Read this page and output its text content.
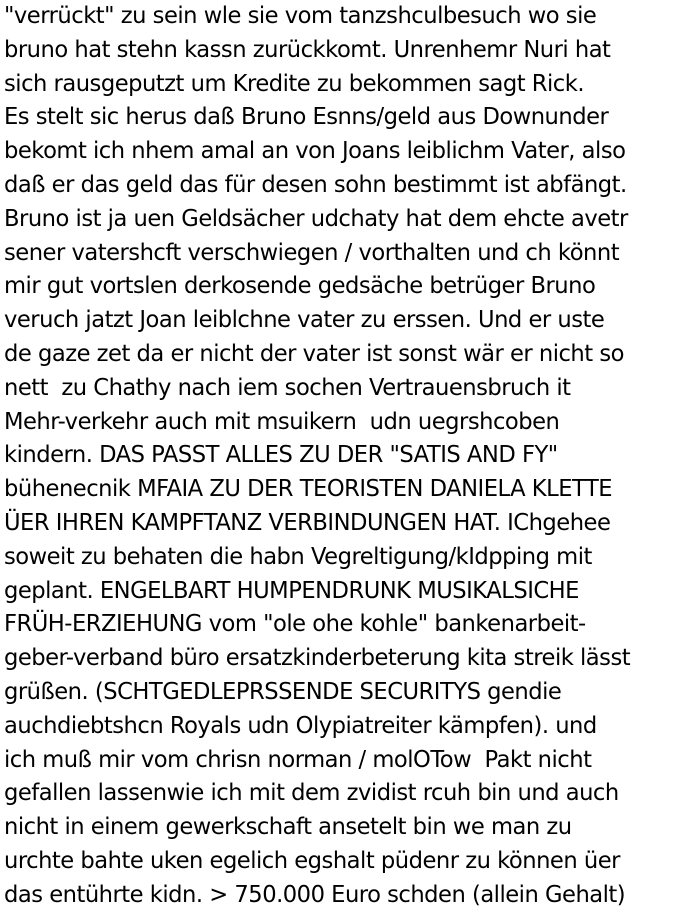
"verrückt" zu sein wle sie vom tanzshculbesuch wo sie
bruno hat stehn kassn zurückkomt. Unrenhemr Nuri hat
sich rausgeputzt um Kredite zu bekommen sagt Rick.
Es stelt sic herus daß Bruno Esnns/geld aus Downunder
bekomt ich nhem amal an von Joans leiblichm Vater, also
daß er das geld das für desen sohn bestimmt ist abfängt.
Bruno ist ja uen Geldsächer udchaty hat dem ehcte avetr
sener vatershcft verschwiegen / vorthalten und ch könnt
mir gut vortslen derkosende gedsäche betrüger Bruno
veruch jatzt Joan leiblchne vater zu erssen. Und er uste
de gaze zet da er nicht der vater ist sonst wär er nicht so
nett  zu Chathy nach iem sochen Vertrauensbruch it
Mehr-verkehr auch mit msuikern  udn uegrshcoben
kindern. DAS PASST ALLES ZU DER "SATIS AND FY"
bühenecnik MFAIA ZU DER TEORISTEN DANIELA KLETTE
ÜER IHREN KAMPFTANZ VERBINDUNGEN HAT. IChgehee
soweit zu behaten die habn Vegreltigung/kIdpping mit
geplant. ENGELBART HUMPENDRUNK MUSIKALSICHE
FRÜH-ERZIEHUNG vom "ole ohe kohle" bankenarbeit-
geber-verband büro ersatzkinderbeterung kita streik lässt
grüßen. (SCHTGEDLEPRSSENDE SECURITYS gendie
auchdiebtshcn Royals udn Olypiatreiter kämpfen). und
ich muß mir vom chrisn norman / molOTow  Pakt nicht
gefallen lassenwie ich mit dem zvidist rcuh bin und auch
nicht in einem gewerkschaft ansetelt bin we man zu
urchte bahte uken egelich egshalt püdenr zu können üer
das entührte kidn. > 750.000 Euro schden (allein Gehalt)
